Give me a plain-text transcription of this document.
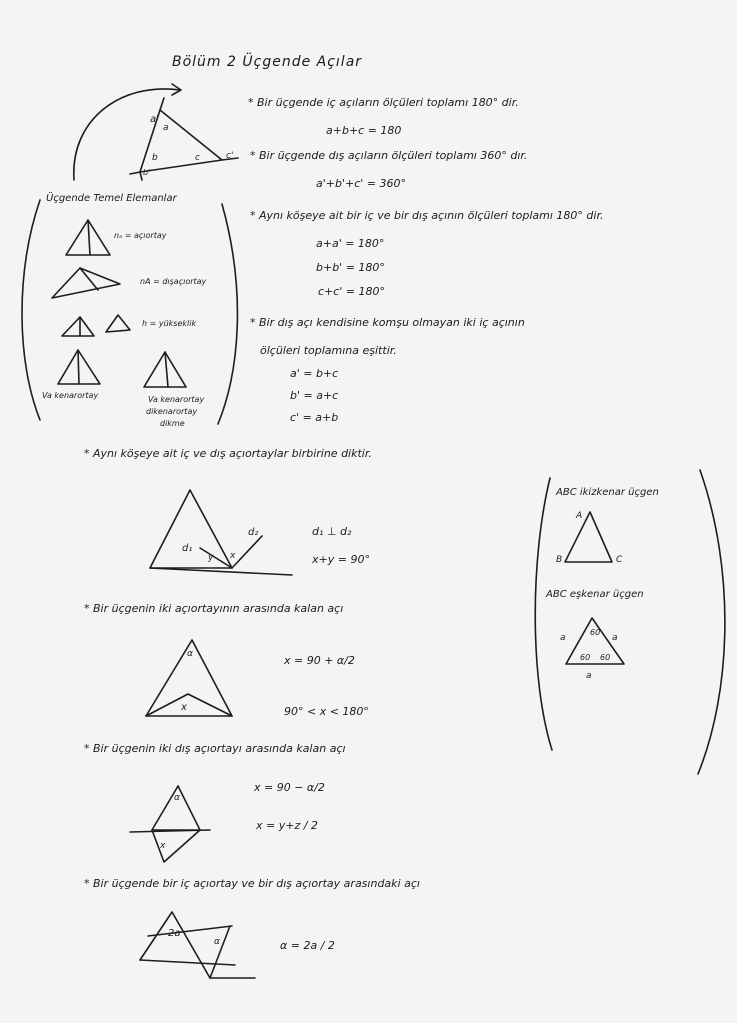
a'
a
b	c	c'
b'
d₂
d₁
y x
x
α
x
α
2a
α
A
B	C
60 60
60
a	a
a
Bölüm 2 Üçgende Açılar
* Bir üçgende iç açıların ölçüleri toplamı 180° dir.
a+b+c = 180
* Bir üçgende dış açıların ölçüleri toplamı 360° dır.
a'+b'+c' = 360°
* Aynı köşeye ait bir iç ve bir dış açının ölçüleri toplamı 180° dir.
a+a' = 180°
b+b' = 180°
c+c' = 180°
* Bir dış açı kendisine komşu olmayan iki iç açının
ölçüleri toplamına eşittir.
a' = b+c
b' = a+c
c' = a+b
Üçgende Temel Elemanlar
nₐ = açıortay
nA = dışaçıortay
h = yükseklik
Va kenarortay	Va kenarortay
dikenarortay
dikme
* Aynı köşeye ait iç ve dış açıortaylar birbirine diktir.
d₁ ⊥ d₂
x+y = 90°
* Bir üçgenin iki açıortayının arasında kalan açı
x = 90 + α/2
90° < x < 180°
* Bir üçgenin iki dış açıortayı arasında kalan açı
x = 90 − α/2
x = y+z / 2
* Bir üçgende bir iç açıortay ve bir dış açıortay arasındaki açı
α = 2a / 2
ABC ikizkenar üçgen
ABC eşkenar üçgen
